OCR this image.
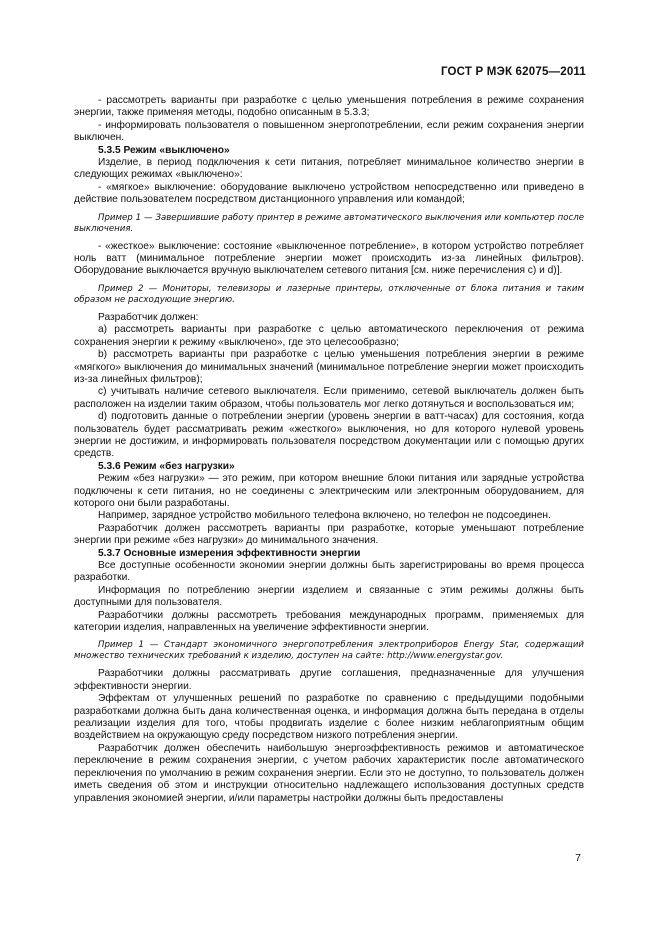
ГОСТ Р МЭК 62075—2011

- рассмотреть варианты при разработке с целью уменьшения потребления в режиме сохранения энергии, также применяя методы, подобно описанным в 5.3.3;

- информировать пользователя о повышенном энергопотреблении, если режим сохранения энергии выключен.

5.3.5 Режим «выключено»

Изделие, в период подключения к сети питания, потребляет минимальное количество энергии в следующих режимах «выключено»:

- «мягкое» выключение: оборудование выключено устройством непосредственно или приведено в действие пользователем посредством дистанционного управления или командой;

Пример 1 — Завершившие работу принтер в режиме автоматического выключения или компьютер после выключения.

- «жесткое» выключение: состояние «выключенное потребление», в котором устройство потребляет ноль ватт (минимальное потребление энергии может происходить из-за линейных фильтров). Оборудование выключается вручную выключателем сетевого питания [см. ниже перечисления с) и d)].

Пример 2 — Мониторы, телевизоры и лазерные принтеры, отключенные от блока питания и таким образом не расходующие энергию.

Разработчик должен:

a) рассмотреть варианты при разработке с целью автоматического переключения от режима сохранения энергии к режиму «выключено», где это целесообразно;

b) рассмотреть варианты при разработке с целью уменьшения потребления энергии в режиме «мягкого» выключения до минимальных значений (минимальное потребление энергии может происходить из-за линейных фильтров);

c) учитывать наличие сетевого выключателя. Если применимо, сетевой выключатель должен быть расположен на изделии таким образом, чтобы пользователь мог легко дотянуться и воспользоваться им;

d) подготовить данные о потреблении энергии (уровень энергии в ватт-часах) для состояния, когда пользователь будет рассматривать режим «жесткого» выключения, но для которого нулевой уровень энергии не достижим, и информировать пользователя посредством документации или с помощью других средств.

5.3.6 Режим «без нагрузки»

Режим «без нагрузки» — это режим, при котором внешние блоки питания или зарядные устройства подключены к сети питания, но не соединены с электрическим или электронным оборудованием, для которого они были разработаны.

Например, зарядное устройство мобильного телефона включено, но телефон не подсоединен.

Разработчик должен рассмотреть варианты при разработке, которые уменьшают потребление энергии при режиме «без нагрузки» до минимального значения.

5.3.7 Основные измерения эффективности энергии

Все доступные особенности экономии энергии должны быть зарегистрированы во время процесса разработки.

Информация по потреблению энергии изделием и связанные с этим режимы должны быть доступными для пользователя.

Разработчики должны рассмотреть требования международных программ, применяемых для категории изделия, направленных на увеличение эффективности энергии.

Пример 1 — Стандарт экономичного энергопотребления электроприборов Energy Star, содержащий множество технических требований к изделию, доступен на сайте: http://www.energystar.gov.

Разработчики должны рассматривать другие соглашения, предназначенные для улучшения эффективности энергии.

Эффектам от улучшенных решений по разработке по сравнению с предыдущими подобными разработками должна быть дана количественная оценка, и информация должна быть передана в отделы реализации изделия для того, чтобы продвигать изделие с более низким неблагоприятным общим воздействием на окружающую среду посредством низкого потребления энергии.

Разработчик должен обеспечить наибольшую энергоэффективность режимов и автоматическое переключение в режим сохранения энергии, с учетом рабочих характеристик после автоматического переключения по умолчанию в режим сохранения энергии. Если это не доступно, то пользователь должен иметь сведения об этом и инструкции относительно надлежащего использования доступных средств управления экономией энергии, и/или параметры настройки должны быть предоставлены

7
